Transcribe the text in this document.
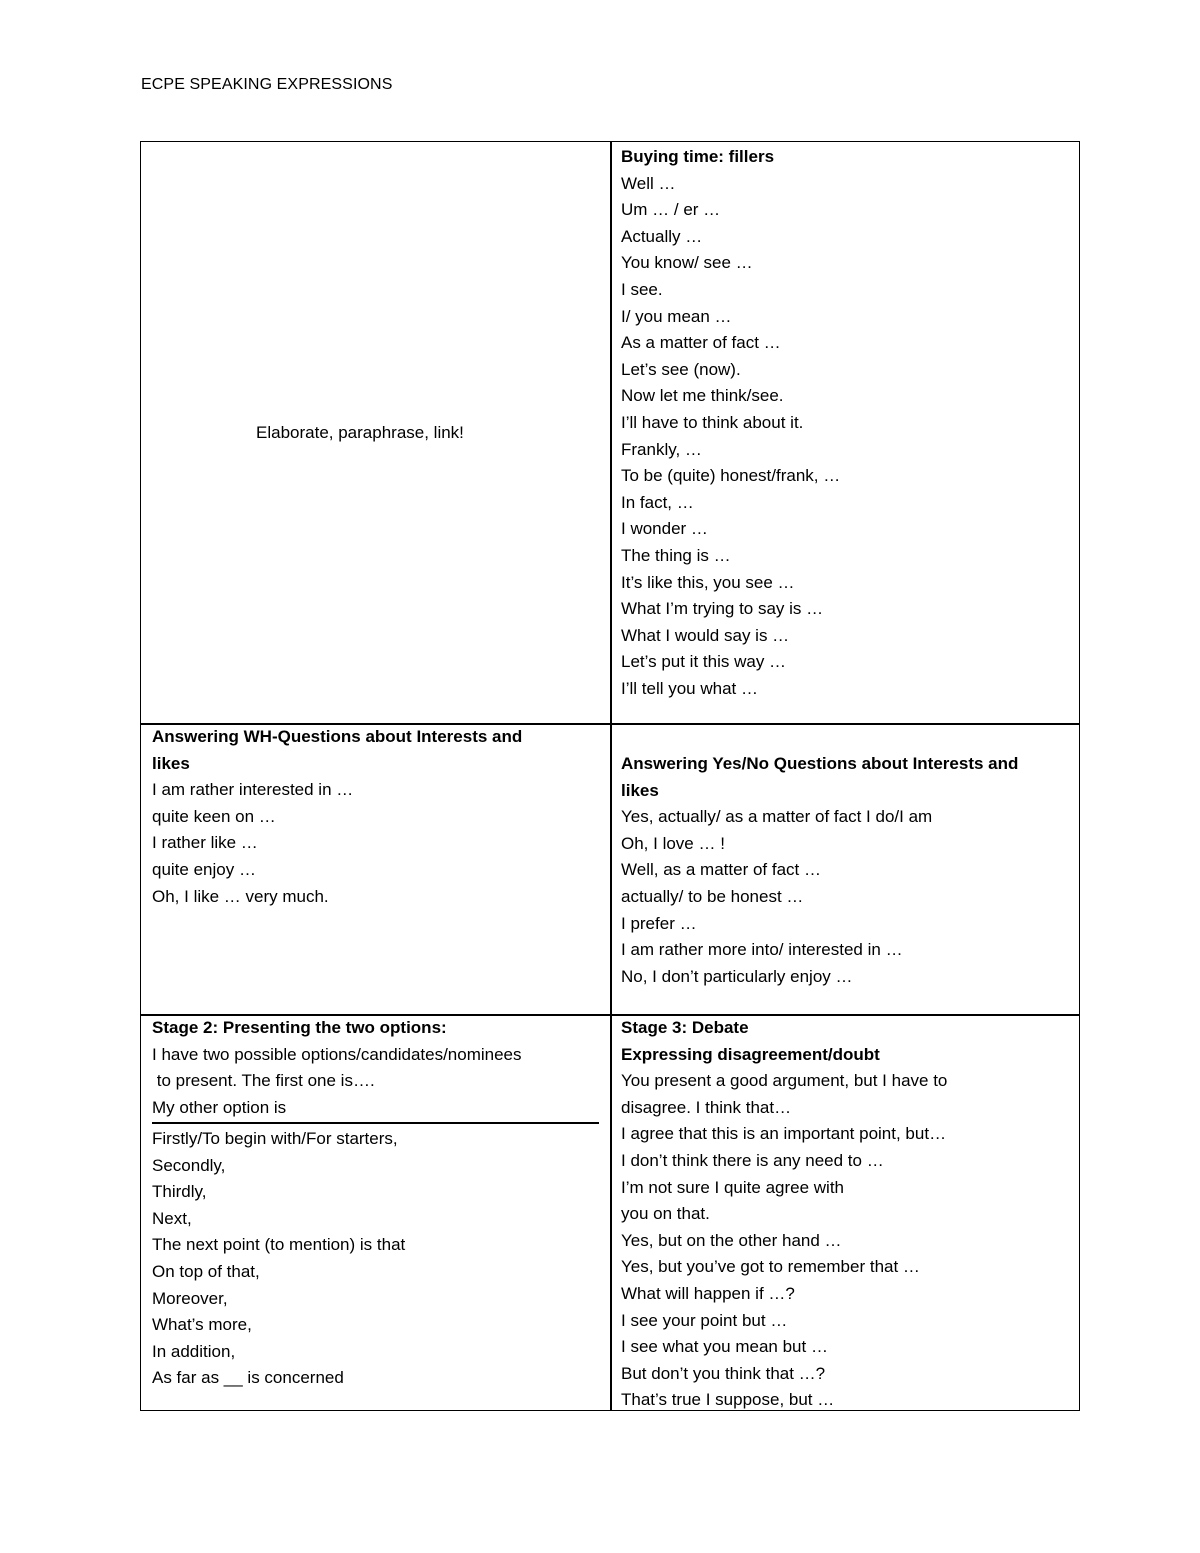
ECPE SPEAKING EXPRESSIONS
Elaborate, paraphrase, link!
Buying time: fillers
Well …
Um … / er …
Actually …
You know/ see …
I see.
I/ you mean …
As a matter of fact …
Let’s see (now).
Now let me think/see.
I’ll have to think about it.
Frankly, …
To be (quite) honest/frank, …
In fact, …
I wonder …
The thing is …
It’s like this, you see …
What I’m trying to say is …
What I would say is …
Let’s put it this way …
I’ll tell you what …
Answering WH-Questions about Interests and
likes
I am rather interested in …
quite keen on …
I rather like …
quite enjoy …
Oh, I like … very much.
Answering Yes/No Questions about Interests and
likes
Yes, actually/ as a matter of fact I do/I am
Oh, I love … !
Well, as a matter of fact …
actually/ to be honest …
I prefer …
I am rather more into/ interested in …
No, I don’t particularly enjoy …
Stage 2: Presenting the two options:
I have two possible options/candidates/nominees
to present. The first one is….
My other option is
Firstly/To begin with/For starters,
Secondly,
Thirdly,
Next,
The next point (to mention) is that
On top of that,
Moreover,
What’s more,
In addition,
As far as __ is concerned
Stage 3: Debate
Expressing disagreement/doubt
You present a good argument, but I have to
disagree. I think that…
I agree that this is an important point, but…
I don’t think there is any need to …
I’m not sure I quite agree with
you on that.
Yes, but on the other hand …
Yes, but you’ve got to remember that …
What will happen if …?
I see your point but …
I see what you mean but …
But don’t you think that …?
That’s true I suppose, but …
